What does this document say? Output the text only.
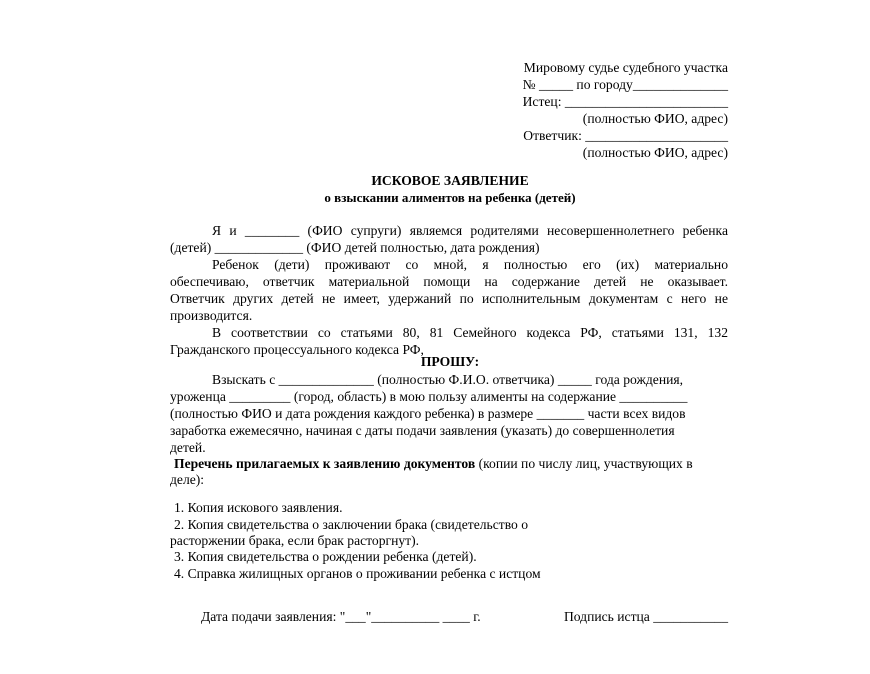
Мировому судье судебного участка
№ _____ по городу______________
Истец: ________________________
(полностью ФИО, адрес)
Ответчик: _____________________
(полностью ФИО, адрес)
ИСКОВОЕ ЗАЯВЛЕНИЕ
о взыскании алиментов на ребенка (детей)
Я и ________ (ФИО супруги) являемся родителями несовершеннолетнего ребенка
(детей) _____________ (ФИО детей полностью, дата рождения)
Ребенок (дети) проживают со мной, я полностью его (их) материально
обеспечиваю, ответчик материальной помощи на содержание детей не оказывает.
Ответчик других детей не имеет, удержаний по исполнительным документам с него не
производится.
В соответствии со статьями 80, 81 Семейного кодекса РФ, статьями 131, 132
Гражданского процессуального кодекса РФ,
ПРОШУ:
Взыскать с ______________ (полностью Ф.И.О. ответчика) _____ года рождения,
уроженца _________ (город, область) в мою пользу алименты на содержание __________
(полностью ФИО и дата рождения каждого ребенка) в размере _______ части всех видов
заработка ежемесячно, начиная с даты подачи заявления (указать) до совершеннолетия
детей.
Перечень прилагаемых к заявлению документов (копии по числу лиц, участвующих в
деле):
1. Копия искового заявления.
2. Копия свидетельства о заключении брака (свидетельство о
расторжении брака, если брак расторгнут).
3. Копия свидетельства о рождении ребенка (детей).
4. Справка жилищных органов о проживании ребенка с истцом
Дата подачи заявления: "___"__________ ____ г.	Подпись истца ___________
